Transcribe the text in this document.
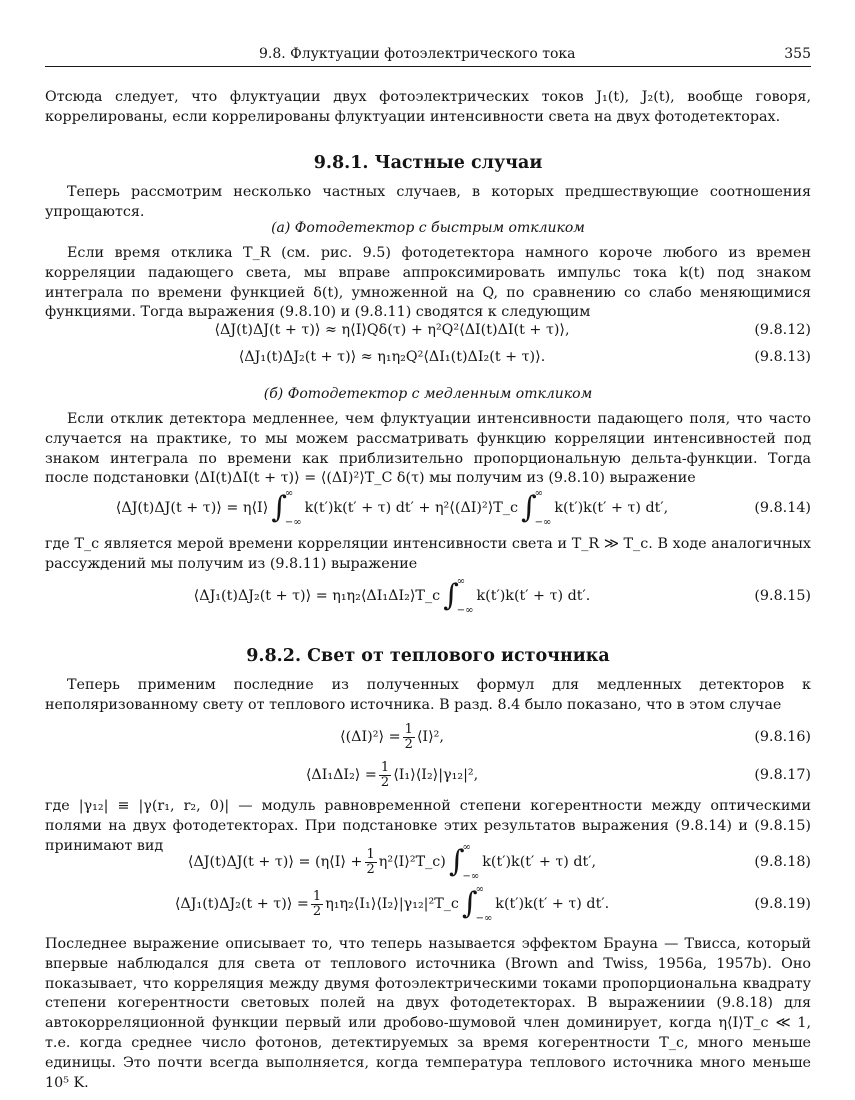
9.8. Флуктуации фотоэлектрического тока	355

Отсюда следует, что флуктуации двух фотоэлектрических токов J₁(t), J₂(t), вообще говоря, коррелированы, если коррелированы флуктуации интенсивности света на двух фотодетекторах.

9.8.1. Частные случаи

Теперь рассмотрим несколько частных случаев, в которых предшествующие соотношения упрощаются.

(а) Фотодетектор с быстрым откликом

Если время отклика T_R (см. рис. 9.5) фотодетектора намного короче любого из времен корреляции падающего света, мы вправе аппроксимировать импульс тока k(t) под знаком интеграла по времени функцией δ(t), умноженной на Q, по сравнению со слабо меняющимися функциями. Тогда выражения (9.8.10) и (9.8.11) сводятся к следующим

⟨ΔJ(t)ΔJ(t + τ)⟩ ≈ η⟨I⟩Qδ(τ) + η²Q²⟨ΔI(t)ΔI(t + τ)⟩,	(9.8.12)
⟨ΔJ₁(t)ΔJ₂(t + τ)⟩ ≈ η₁η₂Q²⟨ΔI₁(t)ΔI₂(t + τ)⟩.	(9.8.13)
(б) Фотодетектор с медленным откликом

Если отклик детектора медленнее, чем флуктуации интенсивности падающего поля, что часто случается на практике, то мы можем рассматривать функцию корреляции интенсивностей под знаком интеграла по времени как приблизительно пропорциональную дельта-функции. Тогда после подстановки ⟨ΔI(t)ΔI(t + τ)⟩ = ⟨(ΔI)²⟩T_C δ(τ) мы получим из (9.8.10) выражение

⟨ΔJ(t)ΔJ(t + τ)⟩ = η⟨I⟩ ∫
∞
−∞
k(t′)k(t′ + τ) dt′ + η²⟨(ΔI)²⟩T_c ∫
∞
−∞
k(t′)k(t′ + τ) dt′,	(9.8.14)

где T_c является мерой времени корреляции интенсивности света и T_R ≫ T_c. В ходе аналогичных рассуждений мы получим из (9.8.11) выражение

⟨ΔJ₁(t)ΔJ₂(t + τ)⟩ = η₁η₂⟨ΔI₁ΔI₂⟩T_c ∫
∞
−∞
k(t′)k(t′ + τ) dt′.	(9.8.15)
9.8.2. Свет от теплового источника

Теперь применим последние из полученных формул для медленных детекторов к неполяризованному свету от теплового источника. В разд. 8.4 было показано, что в этом случае

⟨(ΔI)²⟩ = $\frac{1}{2}$ ⟨I⟩²,	(9.8.16)
⟨ΔI₁ΔI₂⟩ = $\frac{1}{2}$ ⟨I₁⟩⟨I₂⟩|γ₁₂|²,	(9.8.17)

где |γ₁₂| ≡ |γ(r₁, r₂, 0)| — модуль равновременной степени когерентности между оптическими полями на двух фотодетекторах. При подстановке этих результатов выражения (9.8.14) и (9.8.15) принимают вид

⟨ΔJ(t)ΔJ(t + τ)⟩ = (η⟨I⟩ + $\frac{1}{2}$ η²⟨I⟩²T_c) ∫
∞
−∞
k(t′)k(t′ + τ) dt′,	(9.8.18)
⟨ΔJ₁(t)ΔJ₂(t + τ)⟩ = $\frac{1}{2}$ η₁η₂⟨I₁⟩⟨I₂⟩|γ₁₂|²T_c ∫
∞
−∞
k(t′)k(t′ + τ) dt′.	(9.8.19)

Последнее выражение описывает то, что теперь называется эффектом Брауна — Твисса, который впервые наблюдался для света от теплового источника (Brown and Twiss, 1956a, 1957b). Оно показывает, что корреляция между двумя фотоэлектрическими токами пропорциональна квадрату степени когерентности световых полей на двух фотодетекторах. В выражениии (9.8.18) для автокорреляционной функции первый или дробово-шумовой член доминирует, когда η⟨I⟩T_c ≪ 1, т.е. когда среднее число фотонов, детектируемых за время когерентности T_c, много меньше единицы. Это почти всегда выполняется, когда температура теплового источника много меньше 10⁵ K.
